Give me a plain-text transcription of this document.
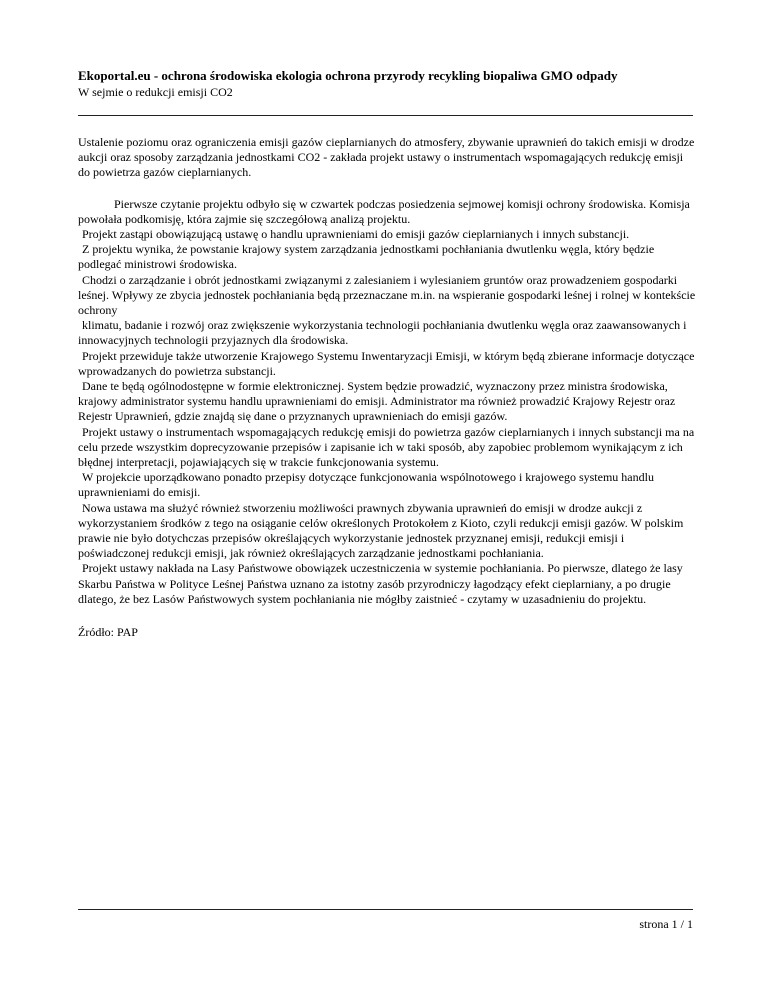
Ekoportal.eu - ochrona środowiska ekologia ochrona przyrody recykling biopaliwa GMO odpady

W sejmie o redukcji emisji CO2

Ustalenie poziomu oraz ograniczenia emisji gazów cieplarnianych do atmosfery, zbywanie uprawnień do takich emisji w drodze aukcji oraz sposoby zarządzania jednostkami CO2 - zakłada projekt ustawy o instrumentach wspomagających redukcję emisji do powietrza gazów cieplarnianych.

Pierwsze czytanie projektu odbyło się w czwartek podczas posiedzenia sejmowej komisji ochrony środowiska. Komisja powołała podkomisję, która zajmie się szczegółową analizą projektu.
Projekt zastąpi obowiązującą ustawę o handlu uprawnieniami do emisji gazów cieplarnianych i innych substancji.
Z projektu wynika, że powstanie krajowy system zarządzania jednostkami pochłaniania dwutlenku węgla, który będzie podlegać ministrowi środowiska.
Chodzi o zarządzanie i obrót jednostkami związanymi z zalesianiem i wylesianiem gruntów oraz prowadzeniem gospodarki leśnej. Wpływy ze zbycia jednostek pochłaniania będą przeznaczane m.in. na wspieranie gospodarki leśnej i rolnej w kontekście ochrony
klimatu, badanie i rozwój oraz zwiększenie wykorzystania technologii pochłaniania dwutlenku węgla oraz zaawansowanych i innowacyjnych technologii przyjaznych dla środowiska.
Projekt przewiduje także utworzenie Krajowego Systemu Inwentaryzacji Emisji, w którym będą zbierane informacje dotyczące wprowadzanych do powietrza substancji.
Dane te będą ogólnodostępne w formie elektronicznej. System będzie prowadzić, wyznaczony przez ministra środowiska, krajowy administrator systemu handlu uprawnieniami do emisji. Administrator ma również prowadzić Krajowy Rejestr oraz Rejestr Uprawnień, gdzie znajdą się dane o przyznanych uprawnieniach do emisji gazów.
Projekt ustawy o instrumentach wspomagających redukcję emisji do powietrza gazów cieplarnianych i innych substancji ma na celu przede wszystkim doprecyzowanie przepisów i zapisanie ich w taki sposób, aby zapobiec problemom wynikającym z ich błędnej interpretacji, pojawiających się w trakcie funkcjonowania systemu.
W projekcie uporządkowano ponadto przepisy dotyczące funkcjonowania wspólnotowego i krajowego systemu handlu uprawnieniami do emisji.
Nowa ustawa ma służyć również stworzeniu możliwości prawnych zbywania uprawnień do emisji w drodze aukcji z wykorzystaniem środków z tego na osiąganie celów określonych Protokołem z Kioto, czyli redukcji emisji gazów. W polskim prawie nie było dotychczas przepisów określających wykorzystanie jednostek przyznanej emisji, redukcji emisji i poświadczonej redukcji emisji, jak również określających zarządzanie jednostkami pochłaniania.
Projekt ustawy nakłada na Lasy Państwowe obowiązek uczestniczenia w systemie pochłaniania. Po pierwsze, dlatego że lasy Skarbu Państwa w Polityce Leśnej Państwa uznano za istotny zasób przyrodniczy łagodzący efekt cieplarniany, a po drugie dlatego, że bez Lasów Państwowych system pochłaniania nie mógłby zaistnieć - czytamy w uzasadnieniu do projektu.

Źródło: PAP

strona 1 / 1
